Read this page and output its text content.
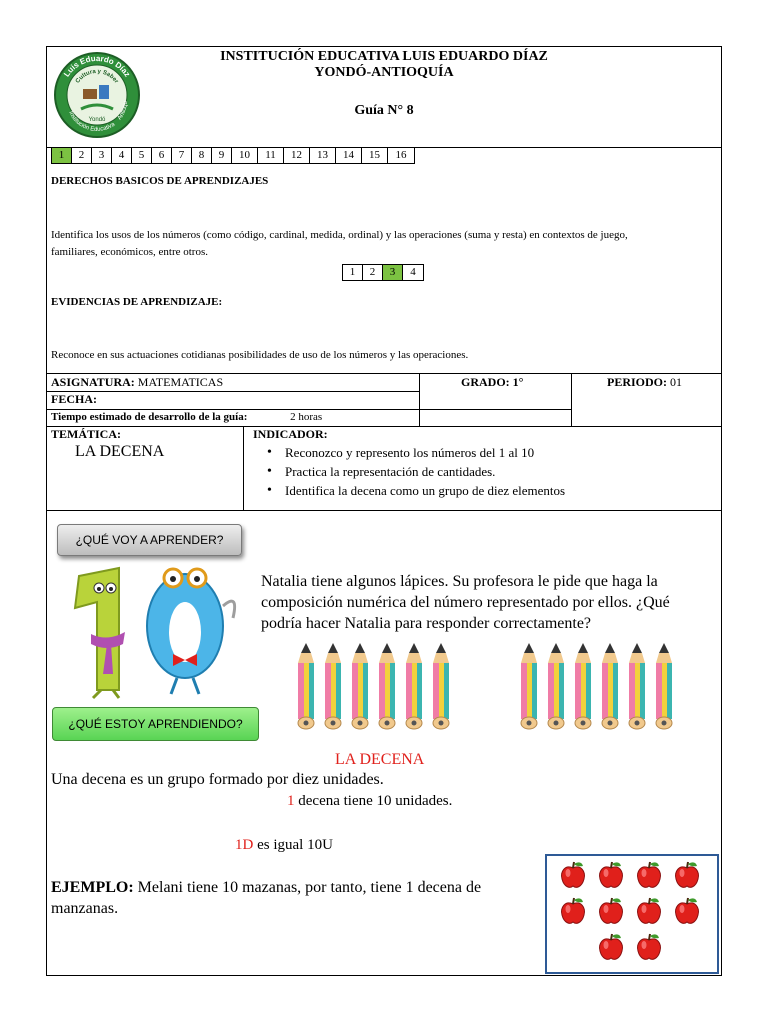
Luis Eduardo Díaz
Institución Educativa
Antioqu
Cultura y Saber
Yondó
INSTITUCIÓN EDUCATIVA LUIS EDUARDO DÍAZ
YONDÓ-ANTIOQUÍA
Guía N° 8
1	2	3	4	5	6	7	8	9	10	11	12	13	14	15	16
DERECHOS BASICOS DE APRENDIZAJES
Identifica los usos de los números (como código, cardinal, medida, ordinal) y las operaciones (suma y resta) en contextos de juego,
familiares, económicos, entre otros.
1	2	3	4
EVIDENCIAS DE APRENDIZAJE:
Reconoce en sus actuaciones cotidianas posibilidades de uso de los números y las operaciones.
ASIGNATURA: MATEMATICAS	GRADO: 1°	PERIODO: 01
FECHA:
Tiempo estimado de desarrollo de la guía:	2 horas
TEMÁTICA:
LA DECENA
INDICADOR:
• Reconozco y represento los números del 1 al 10
• Practica la representación de cantidades.
• Identifica la decena como un grupo de diez elementos
¿QUÉ VOY A APRENDER?
¿QUÉ ESTOY APRENDIENDO?
Natalia tiene algunos lápices. Su profesora le pide que haga la
composición numérica del número representado por ellos. ¿Qué
podría hacer Natalia para responder correctamente?
LA DECENA
Una decena es un grupo formado por diez unidades.
1 decena tiene 10 unidades.
1D es igual 10U
EJEMPLO: Melani tiene 10 mazanas, por tanto, tiene 1 decena de
manzanas.
